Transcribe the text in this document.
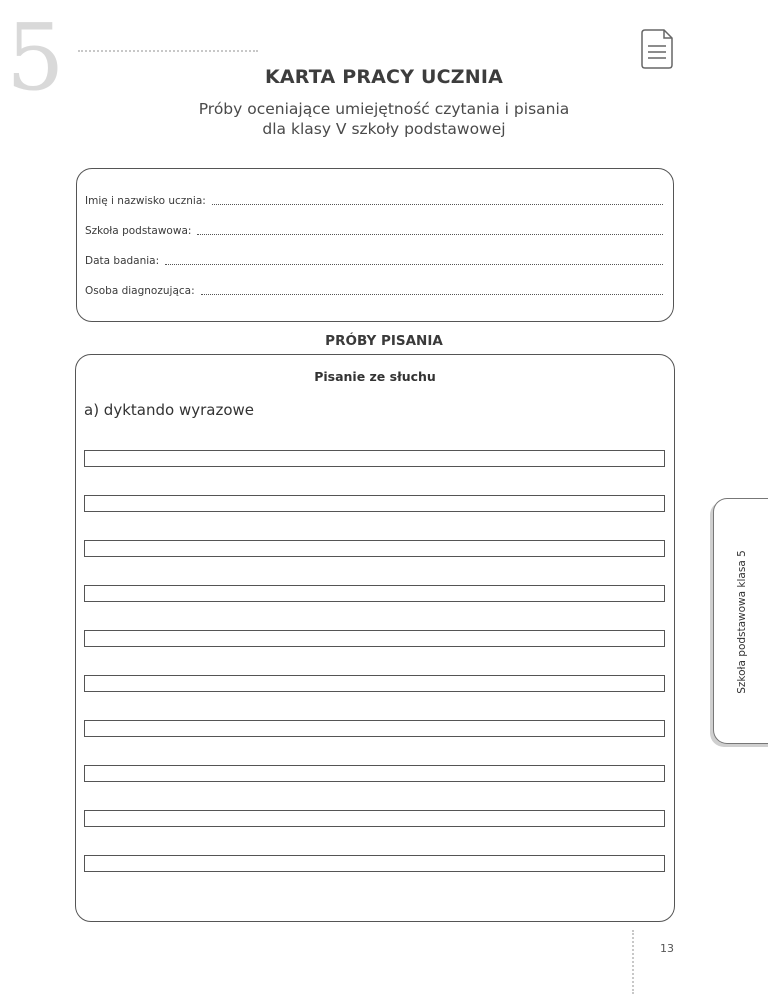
5	KARTA PRACY UCZNIA
Próby oceniające umiejętność czytania i pisania
dla klasy V szkoły podstawowej
Imię i nazwisko ucznia:
Szkoła podstawowa:
Data badania:
Osoba diagnozująca:
PRÓBY PISANIA
Pisanie ze słuchu
a) dyktando wyrazowe
Szkoła podstawowa klasa 5
13
